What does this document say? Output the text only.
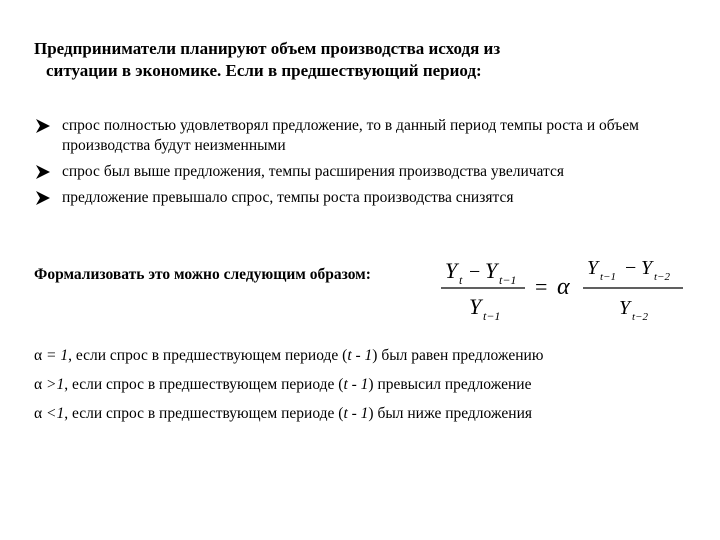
Предприниматели планируют объем производства исходя из
ситуации в экономике. Если в предшествующий период:
спрос полностью удовлетворял предложение, то в данный период темпы роста и объем производства будут неизменными
спрос был выше предложения, темпы расширения производства увеличатся
предложение превышало спрос, темпы роста производства снизятся
Формализовать это можно следующим образом:	Y t − Y t−1
Y t−1
= α
Y t−1 − Y t−2
Y t−2
α = 1, если спрос в предшествующем периоде (t - 1) был равен предложению
α >1, если спрос в предшествующем периоде (t - 1) превысил предложение
α <1, если спрос в предшествующем периоде (t - 1) был ниже предложения
